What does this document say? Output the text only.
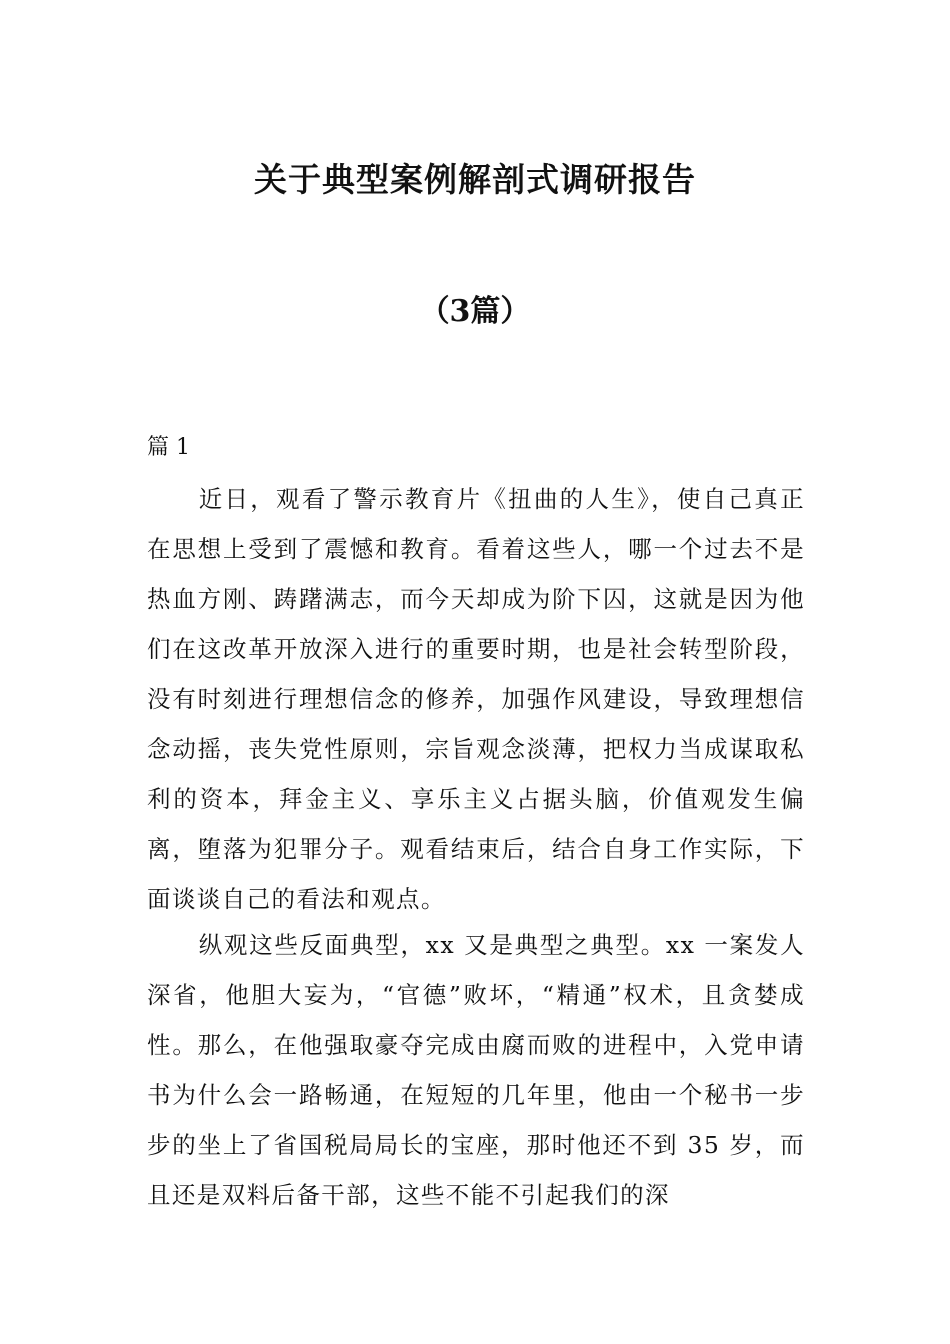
关于典型案例解剖式调研报告
（3篇）
篇 1

近日，观看了警示教育片《扭曲的人生》，使自己真正在思想上受到了震憾和教育。看着这些人，哪一个过去不是热血方刚、踌躇满志，而今天却成为阶下囚，这就是因为他们在这改革开放深入进行的重要时期，也是社会转型阶段，没有时刻进行理想信念的修养，加强作风建设，导致理想信念动摇，丧失党性原则，宗旨观念淡薄，把权力当成谋取私利的资本，拜金主义、享乐主义占据头脑，价值观发生偏离，堕落为犯罪分子。观看结束后，结合自身工作实际，下面谈谈自己的看法和观点。

纵观这些反面典型，xx 又是典型之典型。xx 一案发人深省，他胆大妄为，“官德”败坏，“精通”权术，且贪婪成性。那么，在他强取豪夺完成由腐而败的进程中，入党申请书为什么会一路畅通，在短短的几年里，他由一个秘书一步步的坐上了省国税局局长的宝座，那时他还不到 35 岁，而且还是双料后备干部，这些不能不引起我们的深
